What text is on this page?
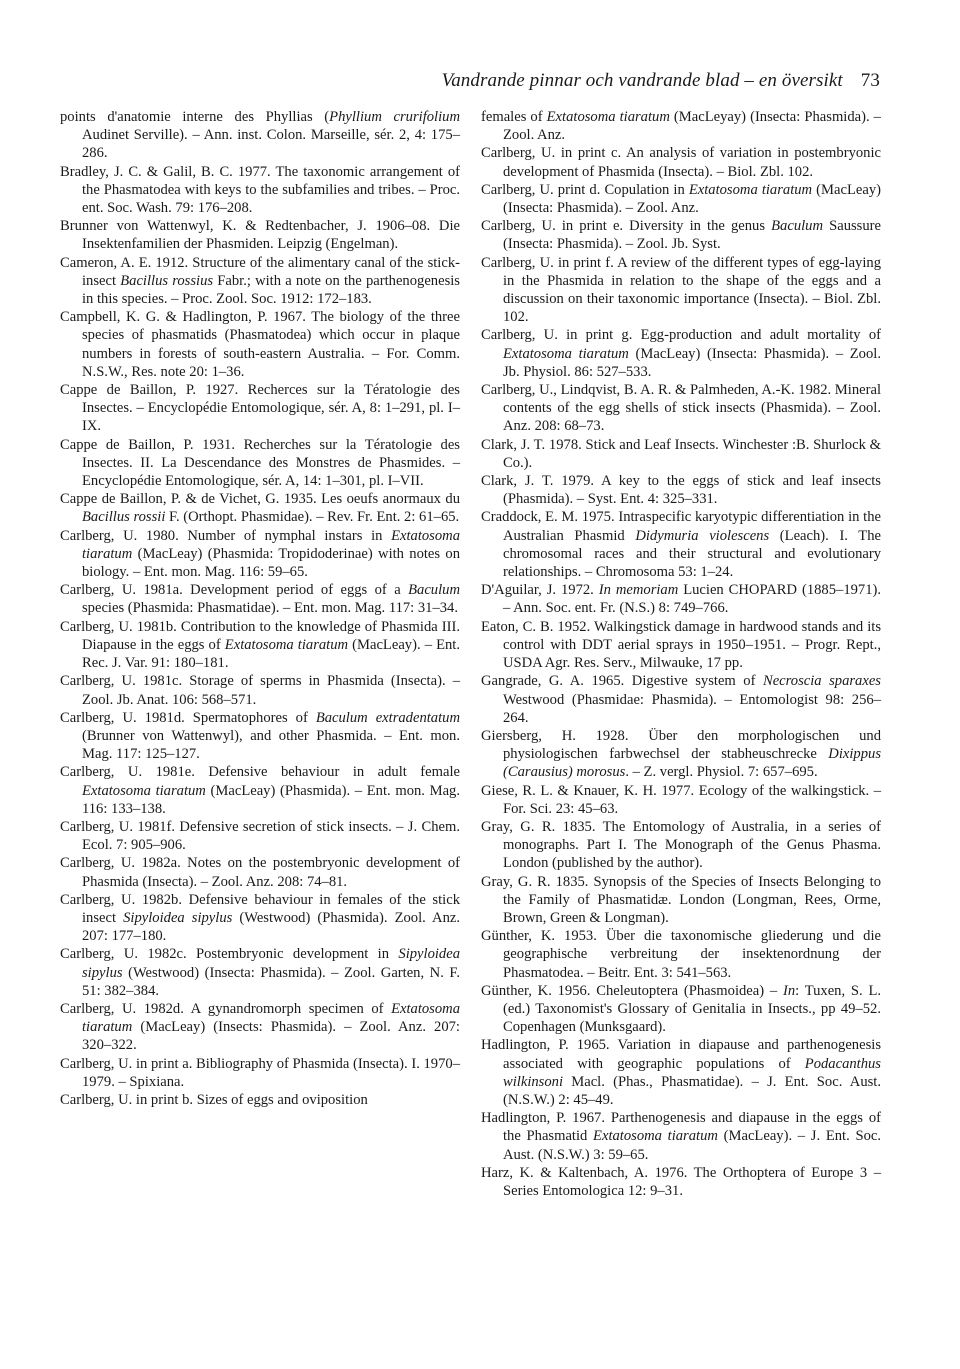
Vandrande pinnar och vandrande blad – en översikt 73

points d'anatomie interne des Phyllias (Phyllium crurifolium Audinet Serville). – Ann. inst. Colon. Marseille, sér. 2, 4: 175–286.

Bradley, J. C. & Galil, B. C. 1977. The taxonomic arrangement of the Phasmatodea with keys to the subfamilies and tribes. – Proc. ent. Soc. Wash. 79: 176–208.

Brunner von Wattenwyl, K. & Redtenbacher, J. 1906–08. Die Insektenfamilien der Phasmiden. Leipzig (Engelman).

Cameron, A. E. 1912. Structure of the alimentary canal of the stick-insect Bacillus rossius Fabr.; with a note on the parthenogenesis in this species. – Proc. Zool. Soc. 1912: 172–183.

Campbell, K. G. & Hadlington, P. 1967. The biology of the three species of phasmatids (Phasmatodea) which occur in plaque numbers in forests of south-eastern Australia. – For. Comm. N.S.W., Res. note 20: 1–36.

Cappe de Baillon, P. 1927. Recherces sur la Tératologie des Insectes. – Encyclopédie Entomologique, sér. A, 8: 1–291, pl. I–IX.

Cappe de Baillon, P. 1931. Recherches sur la Tératologie des Insectes. II. La Descendance des Monstres de Phasmides. – Encyclopédie Entomologique, sér. A, 14: 1–301, pl. I–VII.

Cappe de Baillon, P. & de Vichet, G. 1935. Les oeufs anormaux du Bacillus rossii F. (Orthopt. Phasmidae). – Rev. Fr. Ent. 2: 61–65.

Carlberg, U. 1980. Number of nymphal instars in Extatosoma tiaratum (MacLeay) (Phasmida: Tropidoderinae) with notes on biology. – Ent. mon. Mag. 116: 59–65.

Carlberg, U. 1981a. Development period of eggs of a Baculum species (Phasmida: Phasmatidae). – Ent. mon. Mag. 117: 31–34.

Carlberg, U. 1981b. Contribution to the knowledge of Phasmida III. Diapause in the eggs of Extatosoma tiaratum (MacLeay). – Ent. Rec. J. Var. 91: 180–181.

Carlberg, U. 1981c. Storage of sperms in Phasmida (Insecta). – Zool. Jb. Anat. 106: 568–571.

Carlberg, U. 1981d. Spermatophores of Baculum extradentatum (Brunner von Wattenwyl), and other Phasmida. – Ent. mon. Mag. 117: 125–127.

Carlberg, U. 1981e. Defensive behaviour in adult female Extatosoma tiaratum (MacLeay) (Phasmida). – Ent. mon. Mag. 116: 133–138.

Carlberg, U. 1981f. Defensive secretion of stick insects. – J. Chem. Ecol. 7: 905–906.

Carlberg, U. 1982a. Notes on the postembryonic development of Phasmida (Insecta). – Zool. Anz. 208: 74–81.

Carlberg, U. 1982b. Defensive behaviour in females of the stick insect Sipyloidea sipylus (Westwood) (Phasmida). Zool. Anz. 207: 177–180.

Carlberg, U. 1982c. Postembryonic development in Sipyloidea sipylus (Westwood) (Insecta: Phasmida). – Zool. Garten, N. F. 51: 382–384.

Carlberg, U. 1982d. A gynandromorph specimen of Extatosoma tiaratum (MacLeay) (Insects: Phasmida). – Zool. Anz. 207: 320–322.

Carlberg, U. in print a. Bibliography of Phasmida (Insecta). I. 1970–1979. – Spixiana.

Carlberg, U. in print b. Sizes of eggs and oviposition

females of Extatosoma tiaratum (MacLeyay) (Insecta: Phasmida). – Zool. Anz.

Carlberg, U. in print c. An analysis of variation in postembryonic development of Phasmida (Insecta). – Biol. Zbl. 102.

Carlberg, U. print d. Copulation in Extatosoma tiaratum (MacLeay) (Insecta: Phasmida). – Zool. Anz.

Carlberg, U. in print e. Diversity in the genus Baculum Saussure (Insecta: Phasmida). – Zool. Jb. Syst.

Carlberg, U. in print f. A review of the different types of egg-laying in the Phasmida in relation to the shape of the eggs and a discussion on their taxonomic importance (Insecta). – Biol. Zbl. 102.

Carlberg, U. in print g. Egg-production and adult mortality of Extatosoma tiaratum (MacLeay) (Insecta: Phasmida). – Zool. Jb. Physiol. 86: 527–533.

Carlberg, U., Lindqvist, B. A. R. & Palmheden, A.-K. 1982. Mineral contents of the egg shells of stick insects (Phasmida). – Zool. Anz. 208: 68–73.

Clark, J. T. 1978. Stick and Leaf Insects. Winchester :B. Shurlock & Co.).

Clark, J. T. 1979. A key to the eggs of stick and leaf insects (Phasmida). – Syst. Ent. 4: 325–331.

Craddock, E. M. 1975. Intraspecific karyotypic differentiation in the Australian Phasmid Didymuria violescens (Leach). I. The chromosomal races and their structural and evolutionary relationships. – Chromosoma 53: 1–24.

D'Aguilar, J. 1972. In memoriam Lucien CHOPARD (1885–1971). – Ann. Soc. ent. Fr. (N.S.) 8: 749–766.

Eaton, C. B. 1952. Walkingstick damage in hardwood stands and its control with DDT aerial sprays in 1950–1951. – Progr. Rept., USDA Agr. Res. Serv., Milwauke, 17 pp.

Gangrade, G. A. 1965. Digestive system of Necroscia sparaxes Westwood (Phasmidae: Phasmida). – Entomologist 98: 256–264.

Giersberg, H. 1928. Über den morphologischen und physiologischen farbwechsel der stabheuschrecke Dixippus (Carausius) morosus. – Z. vergl. Physiol. 7: 657–695.

Giese, R. L. & Knauer, K. H. 1977. Ecology of the walkingstick. – For. Sci. 23: 45–63.

Gray, G. R. 1835. The Entomology of Australia, in a series of monographs. Part I. The Monograph of the Genus Phasma. London (published by the author).

Gray, G. R. 1835. Synopsis of the Species of Insects Belonging to the Family of Phasmatidæ. London (Longman, Rees, Orme, Brown, Green & Longman).

Günther, K. 1953. Über die taxonomische gliederung und die geographische verbreitung der insektenordnung der Phasmatodea. – Beitr. Ent. 3: 541–563.

Günther, K. 1956. Cheleutoptera (Phasmoidea) – In: Tuxen, S. L. (ed.) Taxonomist's Glossary of Genitalia in Insects., pp 49–52. Copenhagen (Munksgaard).

Hadlington, P. 1965. Variation in diapause and parthenogenesis associated with geographic populations of Podacanthus wilkinsoni Macl. (Phas., Phasmatidae). – J. Ent. Soc. Aust. (N.S.W.) 2: 45–49.

Hadlington, P. 1967. Parthenogenesis and diapause in the eggs of the Phasmatid Extatosoma tiaratum (MacLeay). – J. Ent. Soc. Aust. (N.S.W.) 3: 59–65.

Harz, K. & Kaltenbach, A. 1976. The Orthoptera of Europe 3 – Series Entomologica 12: 9–31.
